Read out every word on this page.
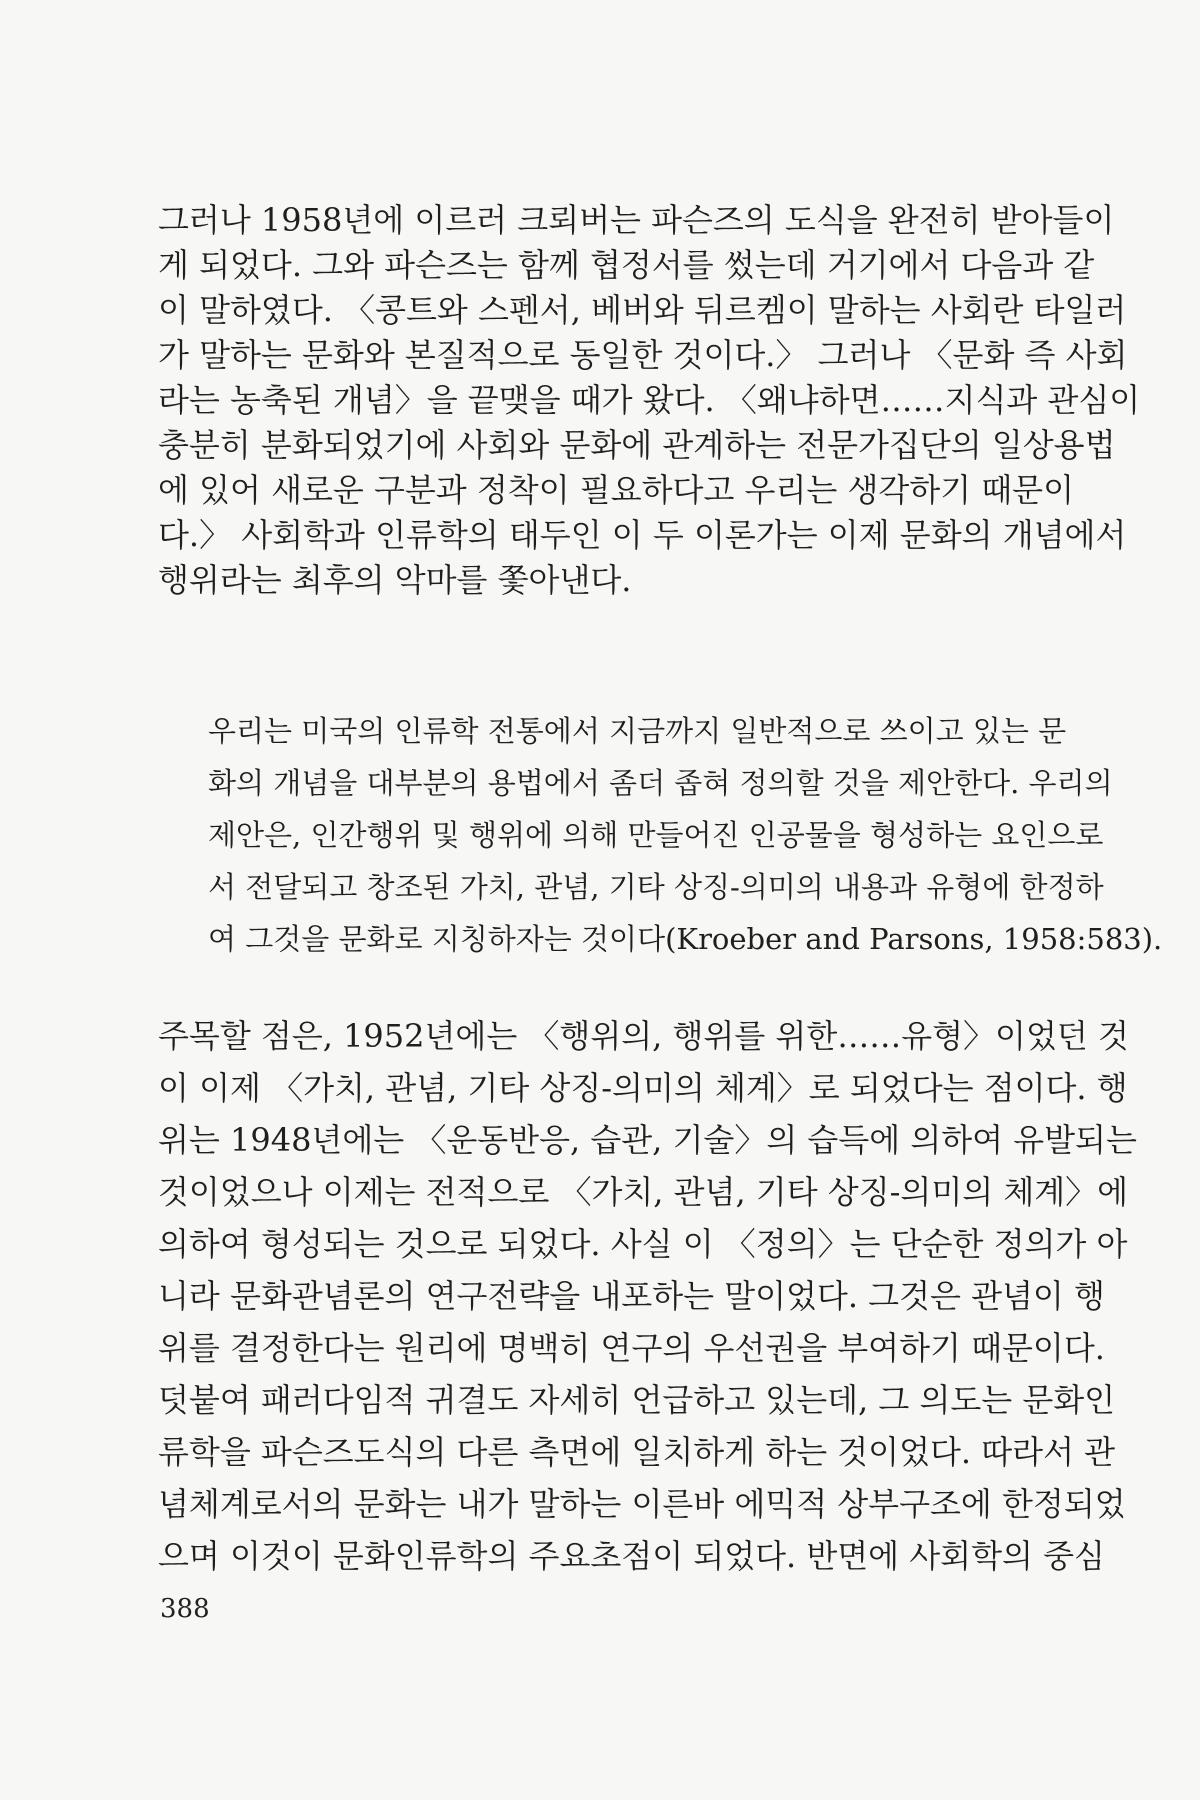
그러나 1958년에 이르러 크뢰버는 파슨즈의 도식을 완전히 받아들이
게 되었다. 그와 파슨즈는 함께 협정서를 썼는데 거기에서 다음과 같
이 말하였다. 〈콩트와 스펜서, 베버와 뒤르켐이 말하는 사회란 타일러
가 말하는 문화와 본질적으로 동일한 것이다.〉 그러나 〈문화 즉 사회
라는 농축된 개념〉을 끝맺을 때가 왔다. 〈왜냐하면……지식과 관심이
충분히 분화되었기에 사회와 문화에 관계하는 전문가집단의 일상용법
에 있어 새로운 구분과 정착이 필요하다고 우리는 생각하기 때문이
다.〉 사회학과 인류학의 태두인 이 두 이론가는 이제 문화의 개념에서
행위라는 최후의 악마를 쫓아낸다.
우리는 미국의 인류학 전통에서 지금까지 일반적으로 쓰이고 있는 문
화의 개념을 대부분의 용법에서 좀더 좁혀 정의할 것을 제안한다. 우리의
제안은, 인간행위 및 행위에 의해 만들어진 인공물을 형성하는 요인으로
서 전달되고 창조된 가치, 관념, 기타 상징-의미의 내용과 유형에 한정하
여 그것을 문화로 지칭하자는 것이다(Kroeber and Parsons, 1958:583).
주목할 점은, 1952년에는 〈행위의, 행위를 위한……유형〉이었던 것
이 이제 〈가치, 관념, 기타 상징-의미의 체계〉로 되었다는 점이다. 행
위는 1948년에는 〈운동반응, 습관, 기술〉의 습득에 의하여 유발되는
것이었으나 이제는 전적으로 〈가치, 관념, 기타 상징-의미의 체계〉에
의하여 형성되는 것으로 되었다. 사실 이 〈정의〉는 단순한 정의가 아
니라 문화관념론의 연구전략을 내포하는 말이었다. 그것은 관념이 행
위를 결정한다는 원리에 명백히 연구의 우선권을 부여하기 때문이다.
덧붙여 패러다임적 귀결도 자세히 언급하고 있는데, 그 의도는 문화인
류학을 파슨즈도식의 다른 측면에 일치하게 하는 것이었다. 따라서 관
념체계로서의 문화는 내가 말하는 이른바 에믹적 상부구조에 한정되었
으며 이것이 문화인류학의 주요초점이 되었다. 반면에 사회학의 중심
388
